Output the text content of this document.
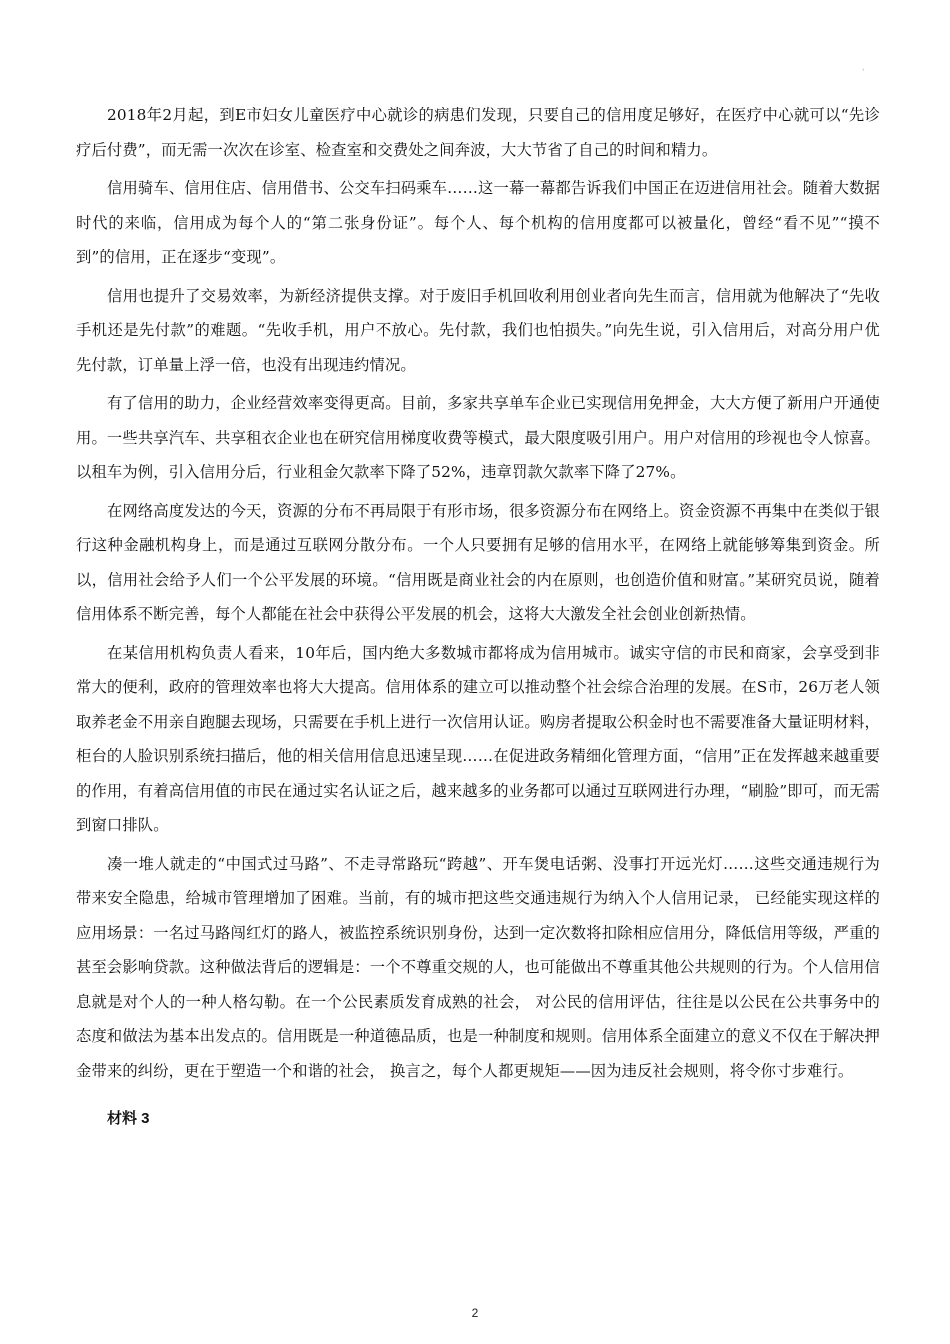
'

2018年2月起，到E市妇女儿童医疗中心就诊的病患们发现，只要自己的信用度足够好，在医疗中心就可以“先诊疗后付费”，而无需一次次在诊室、检查室和交费处之间奔波，大大节省了自己的时间和精力。

信用骑车、信用住店、信用借书、公交车扫码乘车……这一幕一幕都告诉我们中国正在迈进信用社会。随着大数据时代的来临，信用成为每个人的“第二张身份证”。每个人、每个机构的信用度都可以被量化，曾经“看不见”“摸不到”的信用，正在逐步“变现”。

信用也提升了交易效率，为新经济提供支撑。对于废旧手机回收利用创业者向先生而言，信用就为他解决了“先收手机还是先付款”的难题。“先收手机，用户不放心。先付款，我们也怕损失。”向先生说，引入信用后，对高分用户优先付款，订单量上浮一倍，也没有出现违约情况。

有了信用的助力，企业经营效率变得更高。目前，多家共享单车企业已实现信用免押金，大大方便了新用户开通使用。一些共享汽车、共享租衣企业也在研究信用梯度收费等模式，最大限度吸引用户。用户对信用的珍视也令人惊喜。以租车为例，引入信用分后，行业租金欠款率下降了52%，违章罚款欠款率下降了27%。

在网络高度发达的今天，资源的分布不再局限于有形市场，很多资源分布在网络上。资金资源不再集中在类似于银行这种金融机构身上，而是通过互联网分散分布。一个人只要拥有足够的信用水平，在网络上就能够筹集到资金。所以，信用社会给予人们一个公平发展的环境。“信用既是商业社会的内在原则，也创造价值和财富。”某研究员说，随着信用体系不断完善，每个人都能在社会中获得公平发展的机会，这将大大激发全社会创业创新热情。

在某信用机构负责人看来，10年后，国内绝大多数城市都将成为信用城市。诚实守信的市民和商家，会享受到非常大的便利，政府的管理效率也将大大提高。信用体系的建立可以推动整个社会综合治理的发展。在S市，26万老人领取养老金不用亲自跑腿去现场，只需要在手机上进行一次信用认证。购房者提取公积金时也不需要准备大量证明材料，柜台的人脸识别系统扫描后，他的相关信用信息迅速呈现……在促进政务精细化管理方面，“信用”正在发挥越来越重要的作用，有着高信用值的市民在通过实名认证之后，越来越多的业务都可以通过互联网进行办理，“刷脸”即可，而无需到窗口排队。

凑一堆人就走的“中国式过马路”、不走寻常路玩“跨越”、开车煲电话粥、没事打开远光灯……这些交通违规行为带来安全隐患，给城市管理增加了困难。当前，有的城市把这些交通违规行为纳入个人信用记录， 已经能实现这样的应用场景：一名过马路闯红灯的路人，被监控系统识别身份，达到一定次数将扣除相应信用分，降低信用等级，严重的甚至会影响贷款。这种做法背后的逻辑是：一个不尊重交规的人，也可能做出不尊重其他公共规则的行为。个人信用信息就是对个人的一种人格勾勒。在一个公民素质发育成熟的社会， 对公民的信用评估，往往是以公民在公共事务中的态度和做法为基本出发点的。信用既是一种道德品质，也是一种制度和规则。信用体系全面建立的意义不仅在于解决押金带来的纠纷，更在于塑造一个和谐的社会， 换言之，每个人都更规矩——因为违反社会规则，将令你寸步难行。

材料 3
2
